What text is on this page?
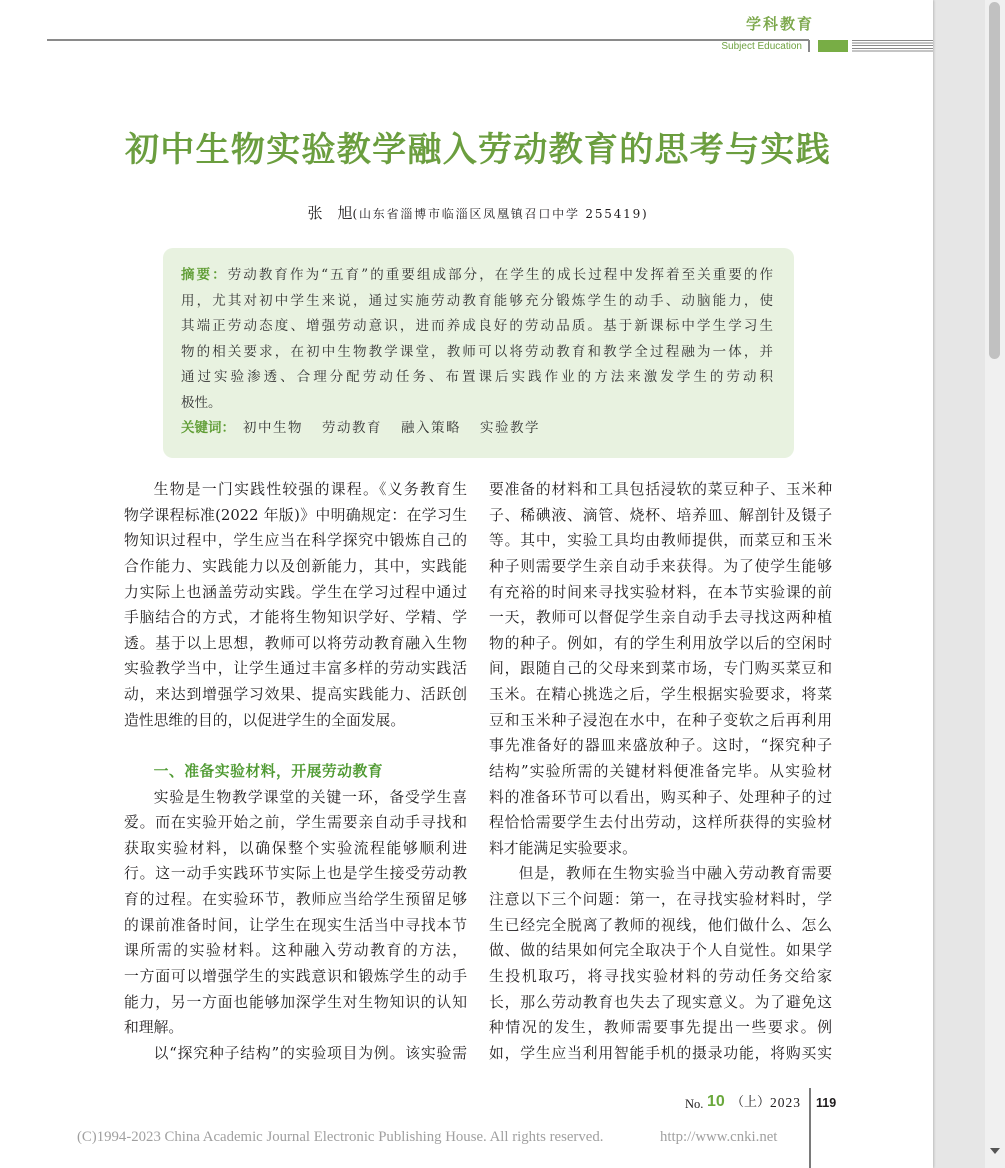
学科教育
Subject Education
初中生物实验教学融入劳动教育的思考与实践
张　旭(山东省淄博市临淄区凤凰镇召口中学 255419)
摘要：劳动教育作为“五育”的重要组成部分，在学生的成长过程中发挥着至关重要的作
用，尤其对初中学生来说，通过实施劳动教育能够充分锻炼学生的动手、动脑能力，使
其端正劳动态度、增强劳动意识，进而养成良好的劳动品质。基于新课标中学生学习生
物的相关要求，在初中生物教学课堂，教师可以将劳动教育和教学全过程融为一体，并
通过实验渗透、合理分配劳动任务、布置课后实践作业的方法来激发学生的劳动积
极性。
关键词： 初中生物 劳动教育 融入策略 实验教学
生物是一门实践性较强的课程。《义务教育生
物学课程标准(2022 年版)》中明确规定：在学习生
物知识过程中，学生应当在科学探究中锻炼自己的
合作能力、实践能力以及创新能力，其中，实践能
力实际上也涵盖劳动实践。学生在学习过程中通过
手脑结合的方式，才能将生物知识学好、学精、学
透。基于以上思想，教师可以将劳动教育融入生物
实验教学当中，让学生通过丰富多样的劳动实践活
动，来达到增强学习效果、提高实践能力、活跃创
造性思维的目的，以促进学生的全面发展。
一、准备实验材料，开展劳动教育
实验是生物教学课堂的关键一环，备受学生喜
爱。而在实验开始之前，学生需要亲自动手寻找和
获取实验材料，以确保整个实验流程能够顺利进
行。这一动手实践环节实际上也是学生接受劳动教
育的过程。在实验环节，教师应当给学生预留足够
的课前准备时间，让学生在现实生活当中寻找本节
课所需的实验材料。这种融入劳动教育的方法，
一方面可以增强学生的实践意识和锻炼学生的动手
能力，另一方面也能够加深学生对生物知识的认知
和理解。
以“探究种子结构”的实验项目为例。该实验需
要准备的材料和工具包括浸软的菜豆种子、玉米种
子、稀碘液、滴管、烧杯、培养皿、解剖针及镊子
等。其中，实验工具均由教师提供，而菜豆和玉米
种子则需要学生亲自动手来获得。为了使学生能够
有充裕的时间来寻找实验材料，在本节实验课的前
一天，教师可以督促学生亲自动手去寻找这两种植
物的种子。例如，有的学生利用放学以后的空闲时
间，跟随自己的父母来到菜市场，专门购买菜豆和
玉米。在精心挑选之后，学生根据实验要求，将菜
豆和玉米种子浸泡在水中，在种子变软之后再利用
事先准备好的器皿来盛放种子。这时，“探究种子
结构”实验所需的关键材料便准备完毕。从实验材
料的准备环节可以看出，购买种子、处理种子的过
程恰恰需要学生去付出劳动，这样所获得的实验材
料才能满足实验要求。
但是，教师在生物实验当中融入劳动教育需要
注意以下三个问题：第一，在寻找实验材料时，学
生已经完全脱离了教师的视线，他们做什么、怎么
做、做的结果如何完全取决于个人自觉性。如果学
生投机取巧，将寻找实验材料的劳动任务交给家
长，那么劳动教育也失去了现实意义。为了避免这
种情况的发生，教师需要事先提出一些要求。例
如，学生应当利用智能手机的摄录功能，将购买实
No. 10 （上） 2023 119
(C)1994-2023 China Academic Journal Electronic Publishing House. All rights reserved.	http://www.cnki.net
